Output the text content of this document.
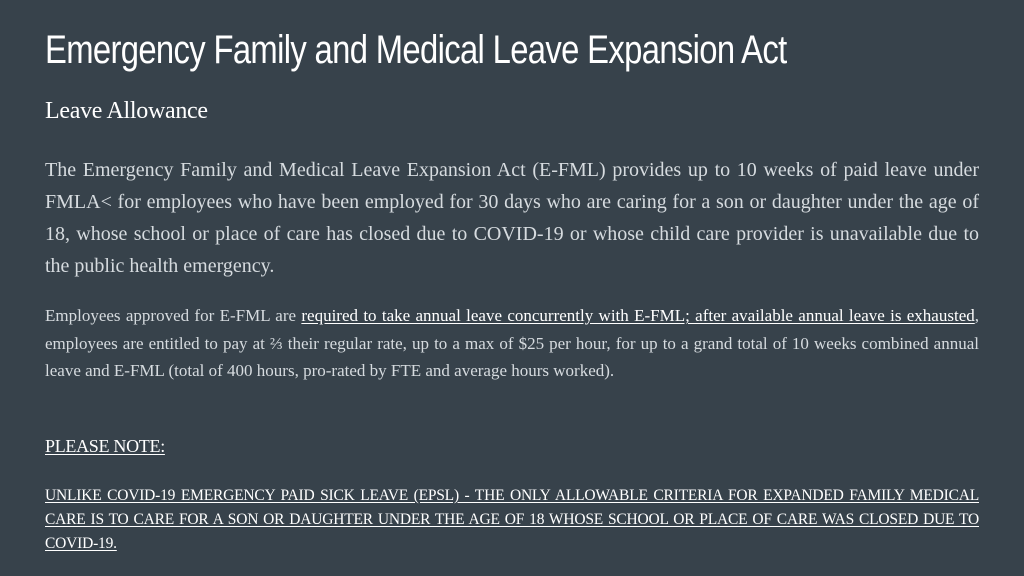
Emergency Family and Medical Leave Expansion Act
Leave Allowance

The Emergency Family and Medical Leave Expansion Act (E-FML) provides up to 10 weeks of paid leave under FMLA< for employees who have been employed for 30 days who are caring for a son or daughter under the age of 18, whose school or place of care has closed due to COVID-19 or whose child care provider is unavailable due to the public health emergency.

Employees approved for E-FML are required to take annual leave concurrently with E-FML; after available annual leave is exhausted, employees are entitled to pay at ⅔ their regular rate, up to a max of $25 per hour, for up to a grand total of 10 weeks combined annual leave and E-FML (total of 400 hours, pro-rated by FTE and average hours worked).

PLEASE NOTE:

UNLIKE COVID-19 EMERGENCY PAID SICK LEAVE (EPSL) - THE ONLY ALLOWABLE CRITERIA FOR EXPANDED FAMILY MEDICAL CARE IS TO CARE FOR A SON OR DAUGHTER UNDER THE AGE OF 18 WHOSE SCHOOL OR PLACE OF CARE WAS CLOSED DUE TO COVID-19.
